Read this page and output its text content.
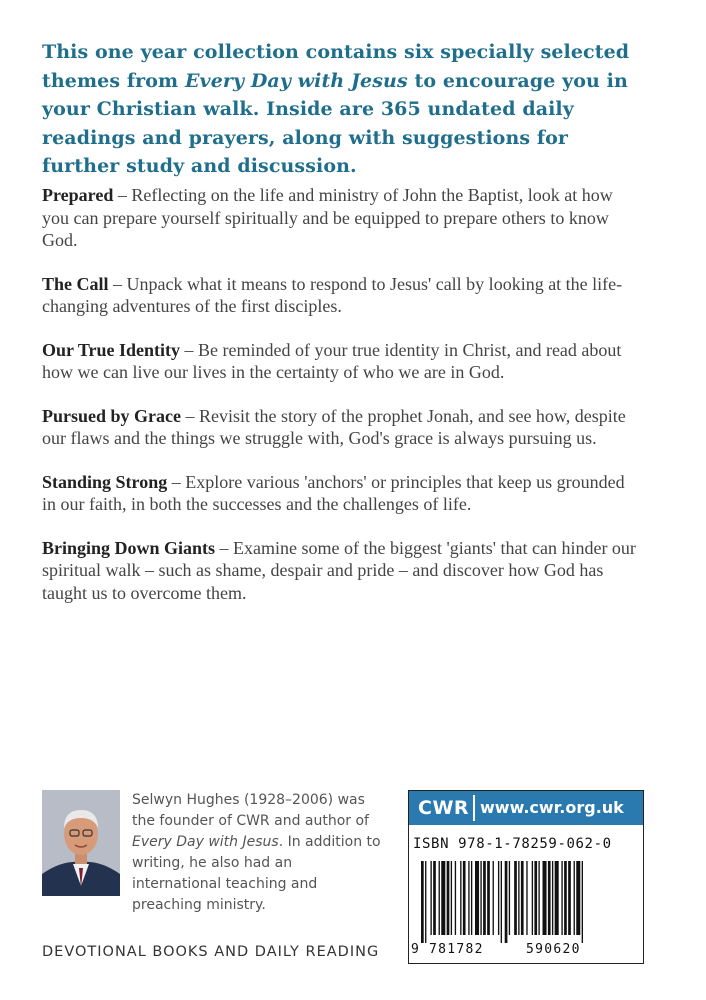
This one year collection contains six specially selected themes from Every Day with Jesus to encourage you in your Christian walk. Inside are 365 undated daily readings and prayers, along with suggestions for further study and discussion.

Prepared – Reflecting on the life and ministry of John the Baptist, look at how you can prepare yourself spiritually and be equipped to prepare others to know God.

The Call – Unpack what it means to respond to Jesus' call by looking at the life-changing adventures of the first disciples.

Our True Identity – Be reminded of your true identity in Christ, and read about how we can live our lives in the certainty of who we are in God.

Pursued by Grace – Revisit the story of the prophet Jonah, and see how, despite our flaws and the things we struggle with, God's grace is always pursuing us.

Standing Strong – Explore various 'anchors' or principles that keep us grounded in our faith, in both the successes and the challenges of life.

Bringing Down Giants – Examine some of the biggest 'giants' that can hinder our spiritual walk – such as shame, despair and pride – and discover how God has taught us to overcome them.

Selwyn Hughes (1928–2006) was the founder of CWR and author of Every Day with Jesus. In addition to writing, he also had an international teaching and preaching ministry.
DEVOTIONAL BOOKS AND DAILY READING
CWR www.cwr.org.uk
ISBN 978-1-78259-062-0
9 781782	590620
